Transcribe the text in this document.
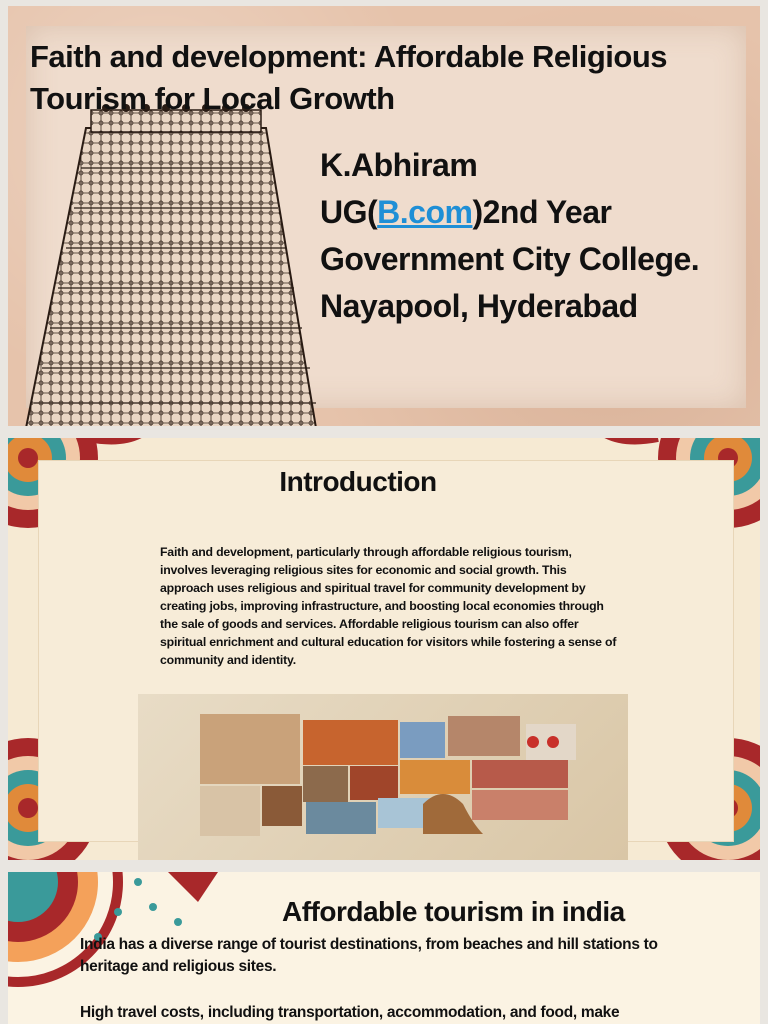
Faith and development: Affordable Religious
Tourism for Local Growth
K.Abhiram
UG(B.com)2nd Year
Government City College.
Nayapool, Hyderabad
Introduction
Faith and development, particularly through affordable religious tourism, involves leveraging religious sites for economic and social growth. This approach uses religious and spiritual travel for community development by creating jobs, improving infrastructure, and boosting local economies through the sale of goods and services. Affordable religious tourism can also offer spiritual enrichment and cultural education for visitors while fostering a sense of community and identity.
Affordable tourism in india
India has a diverse range of tourist destinations, from beaches and hill stations to heritage and religious sites.
High travel costs, including transportation, accommodation, and food, make
